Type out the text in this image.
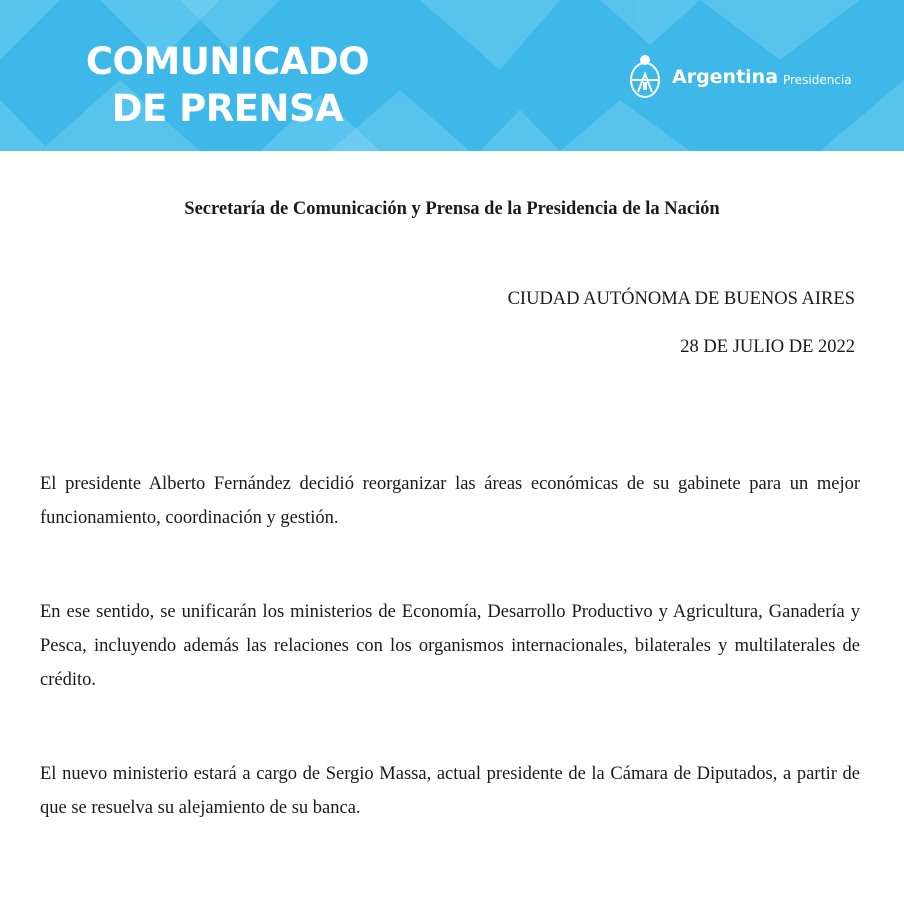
COMUNICADO DE PRENSA
Argentina Presidencia
Secretaría de Comunicación y Prensa de la Presidencia de la Nación
CIUDAD AUTÓNOMA DE BUENOS AIRES
28 DE JULIO DE 2022

El presidente Alberto Fernández decidió reorganizar las áreas económicas de su gabinete para un mejor funcionamiento, coordinación y gestión.

En ese sentido, se unificarán los ministerios de Economía, Desarrollo Productivo y Agricultura, Ganadería y Pesca, incluyendo además las relaciones con los organismos internacionales, bilaterales y multilaterales de crédito.

El nuevo ministerio estará a cargo de Sergio Massa, actual presidente de la Cámara de Diputados, a partir de que se resuelva su alejamiento de su banca.
